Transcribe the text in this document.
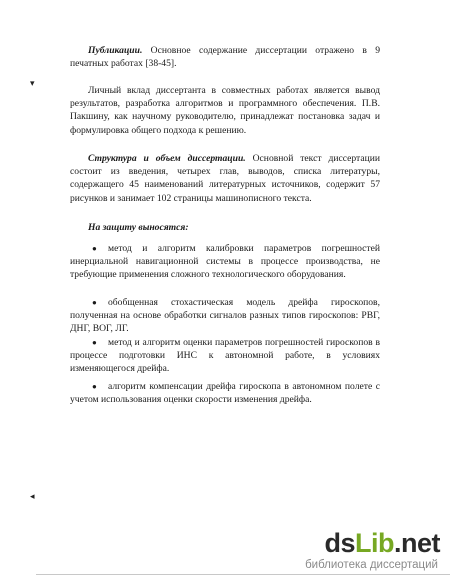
▾
◂

Публикации. Основное содержание диссертации отражено в 9 печатных работах [38-45].

Личный вклад диссертанта в совместных работах является вывод результатов, разработка алгоритмов и программного обеспечения. П.В. Пакшину, как научному руководителю, принадлежат постановка задач и формулировка общего подхода к решению.

Структура и объем диссертации. Основной текст диссертации состоит из введения, четырех глав, выводов, списка литературы, содержащего 45 наименований литературных источников, содержит 57 рисунков и занимает 102 страницы машинописного текста.

На защиту выносятся:

●	метод и алгоритм калибровки параметров погрешностей инерциальной навигационной системы в процессе производства, не требующие применения сложного технологического оборудования.

●	обобщенная стохастическая модель дрейфа гироскопов, полученная на основе обработки сигналов разных типов гироскопов: РВГ, ДНГ, ВОГ, ЛГ.

●	метод и алгоритм оценки параметров погрешностей гироскопов в процессе подготовки ИНС к автономной работе, в условиях изменяющегося дрейфа.

●	алгоритм компенсации дрейфа гироскопа в автономном полете с учетом использования оценки скорости изменения дрейфа.

dsLib.net
библиотека диссертаций
